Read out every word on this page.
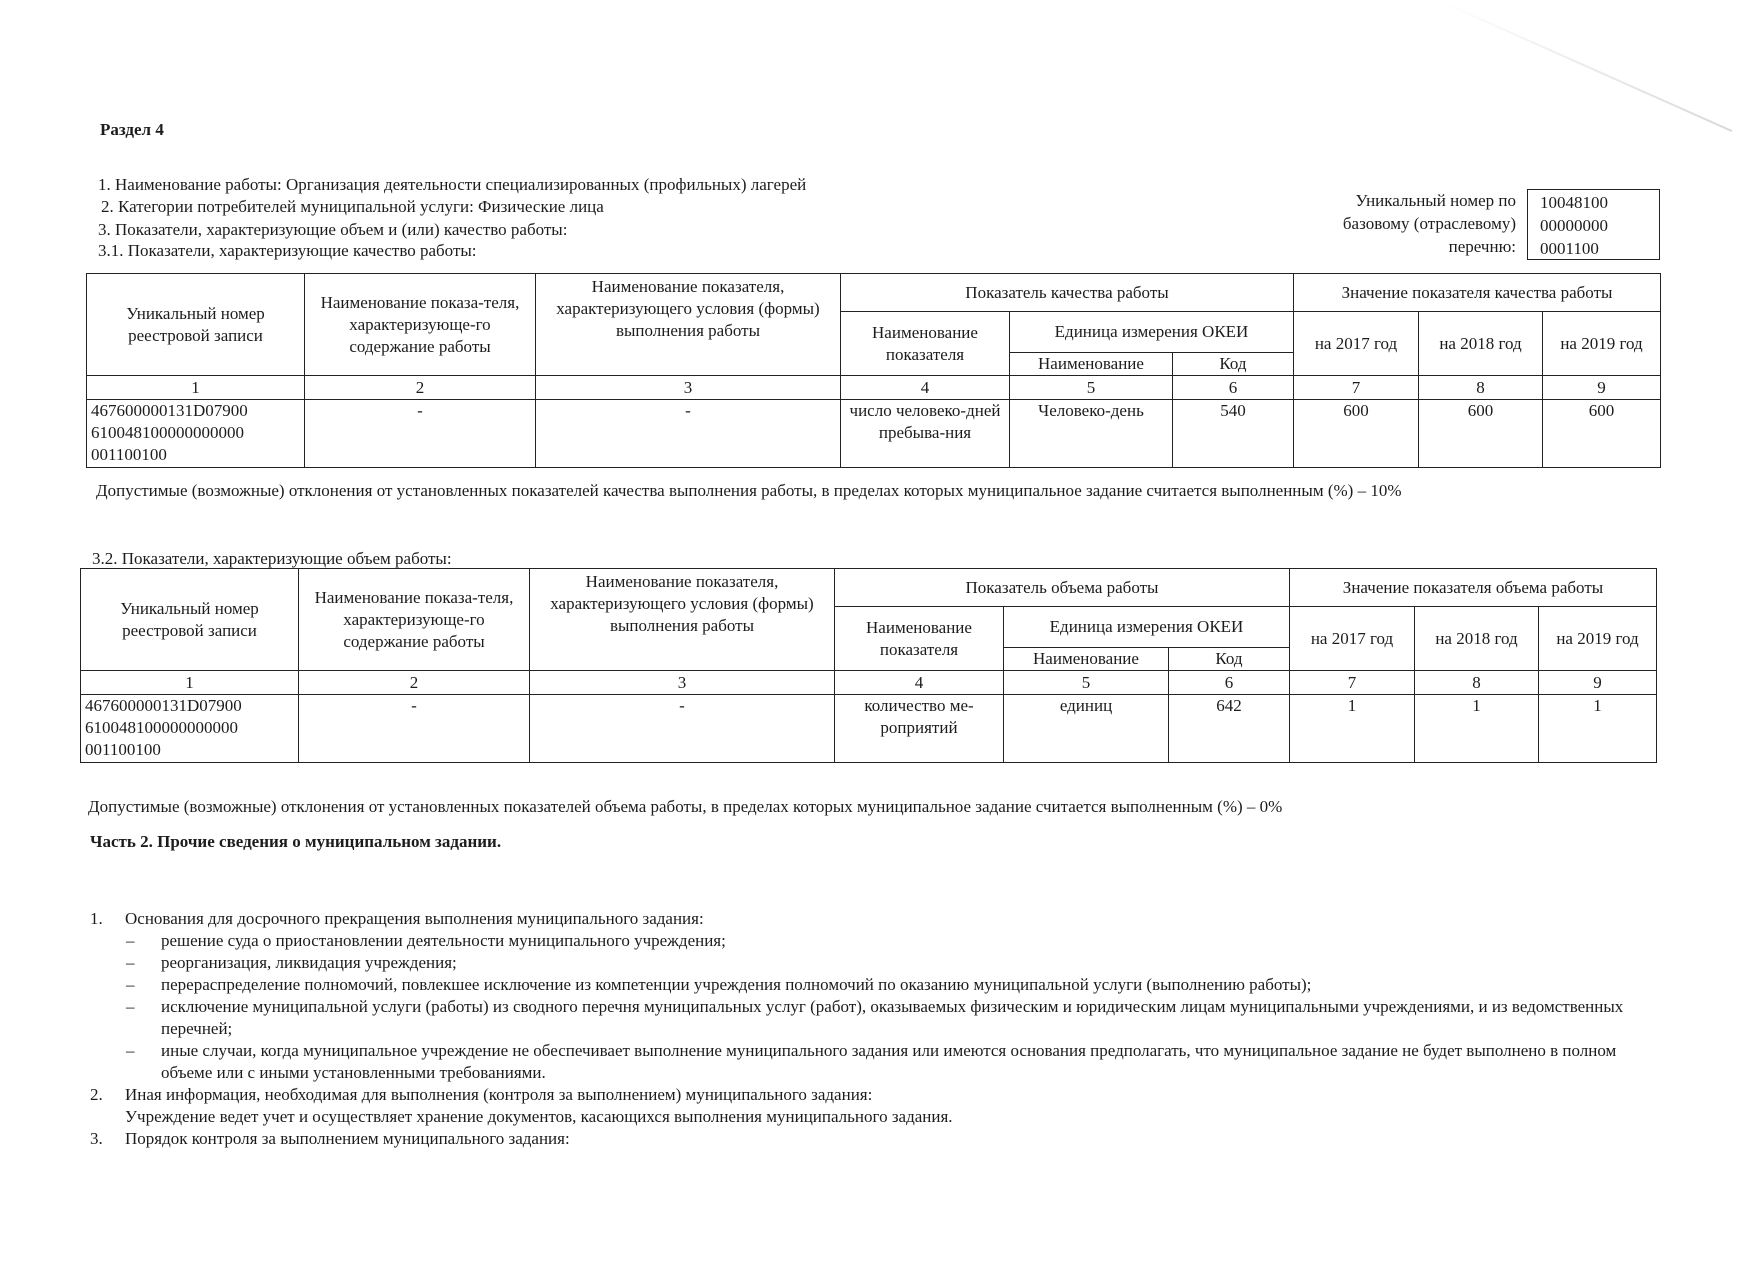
Раздел 4
1. Наименование работы: Организация деятельности специализированных (профильных) лагерей
2. Категории потребителей муниципальной услуги: Физические лица
3. Показатели, характеризующие объем и (или) качество работы:
3.1. Показатели, характеризующие качество работы:
Уникальный номер по
базовому (отраслевому)
перечню:
10048100
00000000
0001100
Уникальный номер реестровой записи	Наименование показа-теля, характеризующе-го содержание работы	Наименование показателя, характеризующего условия (формы) выполнения работы	Показатель качества работы			Значение показателя качества работы		
			Наименование показателя	Единица измерения ОКЕИ		на 2017 год	на 2018 год	на 2019 год
				Наименование	Код			
1	2	3	4	5	6	7	8	9
467600000131D07900 610048100000000000 001100100	-	-	число человеко-дней пребыва-ния	Человеко-день	540	600	600	600
Допустимые (возможные) отклонения от установленных показателей качества выполнения работы, в пределах которых муниципальное задание считается выполненным (%) – 10%
3.2. Показатели, характеризующие объем работы:
Уникальный номер реестровой записи	Наименование показа-теля, характеризующе-го содержание работы	Наименование показателя, характеризующего условия (формы) выполнения работы	Показатель объема работы			Значение показателя объема работы		
			Наименование показателя	Единица измерения ОКЕИ		на 2017 год	на 2018 год	на 2019 год
				Наименование	Код			
1	2	3	4	5	6	7	8	9
467600000131D07900 610048100000000000 001100100	-	-	количество ме-роприятий	единиц	642	1	1	1
Допустимые (возможные) отклонения от установленных показателей объема работы, в пределах которых муниципальное задание считается выполненным (%) – 0%
Часть 2. Прочие сведения о муниципальном задании.
1. Основания для досрочного прекращения выполнения муниципального задания:
– решение суда о приостановлении деятельности муниципального учреждения;
– реорганизация, ликвидация учреждения;
– перераспределение полномочий, повлекшее исключение из компетенции учреждения полномочий по оказанию муниципальной услуги (выполнению работы);
– исключение муниципальной услуги (работы) из сводного перечня муниципальных услуг (работ), оказываемых физическим и юридическим лицам муниципальными учреждениями, и из ведомственных перечней;
– иные случаи, когда муниципальное учреждение не обеспечивает выполнение муниципального задания или имеются основания предполагать, что муниципальное задание не будет выполнено в полном объеме или с иными установленными требованиями.
2. Иная информация, необходимая для выполнения (контроля за выполнением) муниципального задания:
Учреждение ведет учет и осуществляет хранение документов, касающихся выполнения муниципального задания.
3. Порядок контроля за выполнением муниципального задания:
